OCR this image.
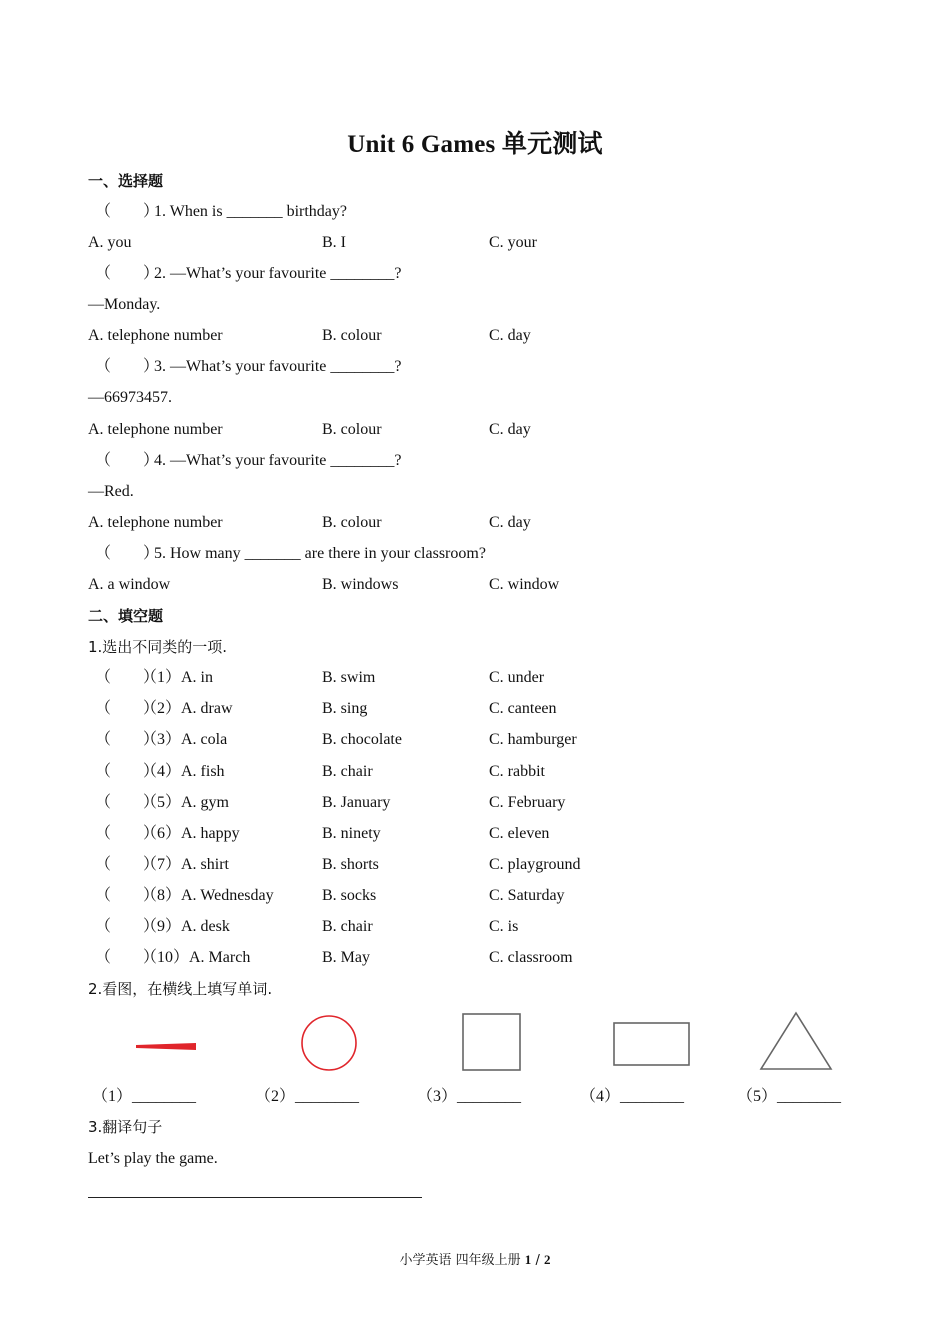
Unit 6 Games 单元测试
一、选择题
（　　）
1. When is _______ birthday?
A. you	B. I	C. your
（　　）
2. —What’s your favourite ________?
—Monday.
A. telephone number	B. colour	C. day
（　　）
3. —What’s your favourite ________?
—66973457.
A. telephone number	B. colour	C. day
（　　）
4. —What’s your favourite ________?
—Red.
A. telephone number	B. colour	C. day
（　　）
5. How many _______ are there in your classroom?
A. a window	B. windows	C. window
二、填空题
1.选出不同类的一项.
（　　）
（1）A. in	B. swim	C. under
（　　）
（2）A. draw	B. sing	C. canteen
（　　）
（3）A. cola	B. chocolate	C. hamburger
（　　）
（4）A. fish	B. chair	C. rabbit
（　　）
（5）A. gym	B. January	C. February
（　　）
（6）A. happy	B. ninety	C. eleven
（　　）
（7）A. shirt	B. shorts	C. playground
（　　）
（8）A. Wednesday	B. socks	C. Saturday
（　　）
（9）A. desk	B. chair	C. is
（　　）
（10）A. March	B. May	C. classroom
2.看图，在横线上填写单词.
（1）________	（2）________	（3）________	（4）________	（5）________
3.翻译句子
Let’s play the game.
小学英语 四年级上册 1 / 2
